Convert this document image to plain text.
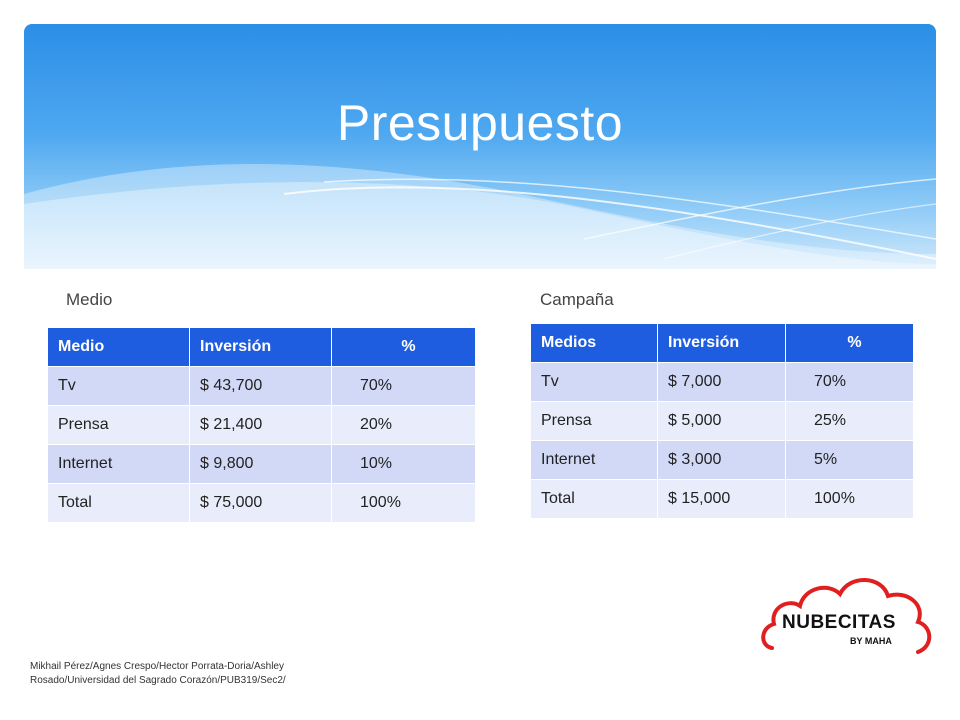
Presupuesto
Medio	Campaña
Medio	Inversión	%
Tv	$ 43,700	70%
Prensa	$ 21,400	20%
Internet	$ 9,800	10%
Total	$ 75,000	100%
Medios	Inversión	%
Tv	$ 7,000	70%
Prensa	$ 5,000	25%
Internet	$ 3,000	5%
Total	$ 15,000	100%
NUBECITAS
BY MAHA
Mikhail Pérez/Agnes Crespo/Hector Porrata-Doria/Ashley Rosado/Universidad del Sagrado Corazón/PUB319/Sec2/
